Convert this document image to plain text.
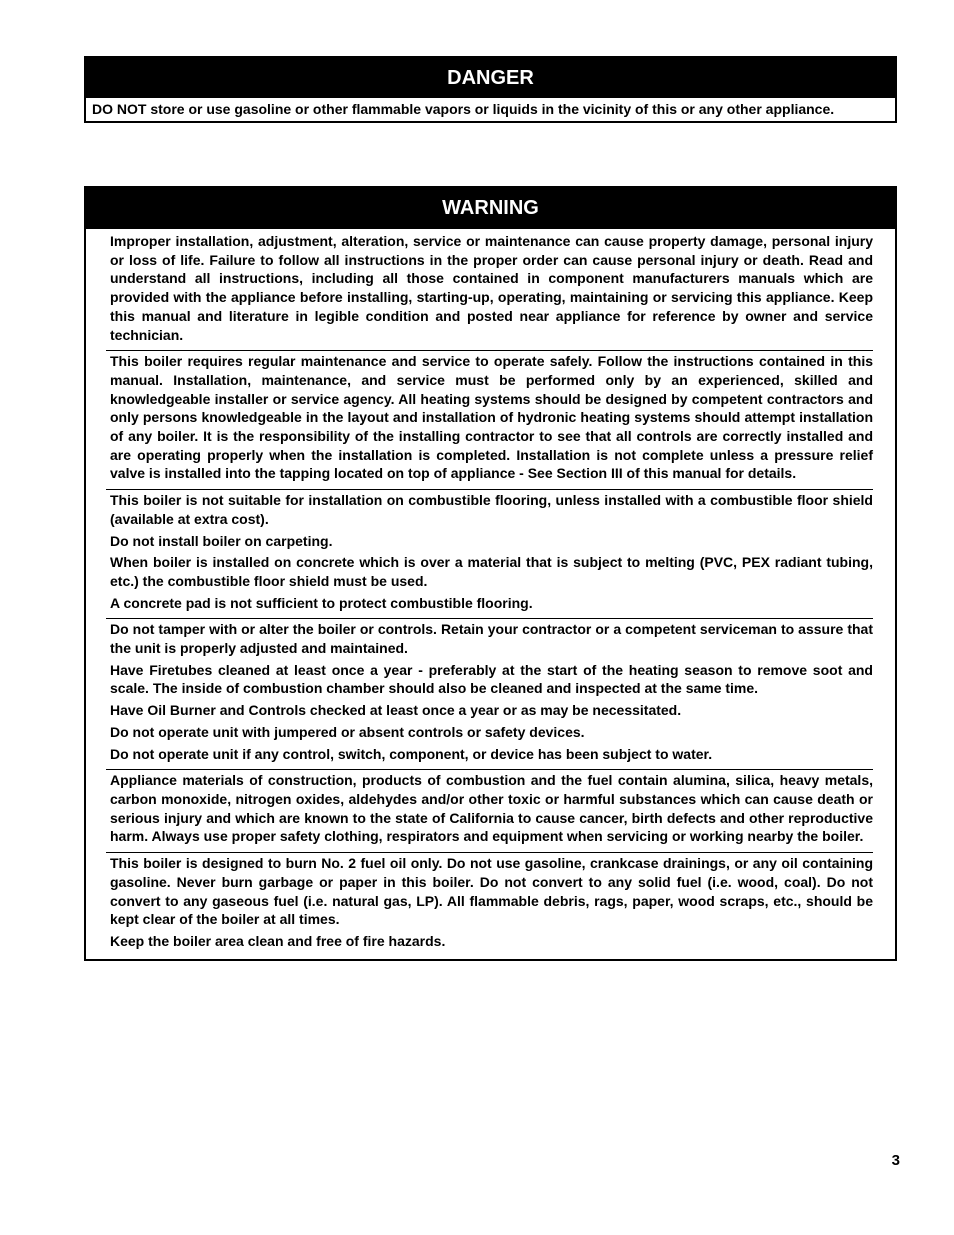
DANGER
DO NOT store or use gasoline or other flammable vapors or liquids in the vicinity of this or any other appliance.
WARNING

Improper installation, adjustment, alteration, service or maintenance can cause property damage, personal injury or loss of life. Failure to follow all instructions in the proper order can cause personal injury or death. Read and understand all instructions, including all those contained in component manufacturers manuals which are provided with the appliance before installing, starting-up, operating, maintaining or servicing this appliance. Keep this manual and literature in legible condition and posted near appliance for reference by owner and service technician.

This boiler requires regular maintenance and service to operate safely. Follow the instructions contained in this manual. Installation, maintenance, and service must be performed only by an experienced, skilled and knowledgeable installer or service agency. All heating systems should be designed by competent contractors and only persons knowledgeable in the layout and installation of hydronic heating systems should attempt installation of any boiler. It is the responsibility of the installing contractor to see that all controls are correctly installed and are operating properly when the installation is completed. Installation is not complete unless a pressure relief valve is installed into the tapping located on top of appliance - See Section III of this manual for details.

This boiler is not suitable for installation on combustible flooring, unless installed with a combustible floor shield (available at extra cost).

Do not install boiler on carpeting.

When boiler is installed on concrete which is over a material that is subject to melting (PVC, PEX radiant tubing, etc.) the combustible floor shield must be used.

A concrete pad is not sufficient to protect combustible flooring.

Do not tamper with or alter the boiler or controls. Retain your contractor or a competent serviceman to assure that the unit is properly adjusted and maintained.

Have Firetubes cleaned at least once a year - preferably at the start of the heating season to remove soot and scale. The inside of combustion chamber should also be cleaned and inspected at the same time.

Have Oil Burner and Controls checked at least once a year or as may be necessitated.

Do not operate unit with jumpered or absent controls or safety devices.

Do not operate unit if any control, switch, component, or device has been subject to water.

Appliance materials of construction, products of combustion and the fuel contain alumina, silica, heavy metals, carbon monoxide, nitrogen oxides, aldehydes and/or other toxic or harmful substances which can cause death or serious injury and which are known to the state of California to cause cancer, birth defects and other reproductive harm. Always use proper safety clothing, respirators and equipment when servicing or working nearby the boiler.

This boiler is designed to burn No. 2 fuel oil only. Do not use gasoline, crankcase drainings, or any oil containing gasoline. Never burn garbage or paper in this boiler. Do not convert to any solid fuel (i.e. wood, coal). Do not convert to any gaseous fuel (i.e. natural gas, LP). All flammable debris, rags, paper, wood scraps, etc., should be kept clear of the boiler at all times.

Keep the boiler area clean and free of fire hazards.

3
